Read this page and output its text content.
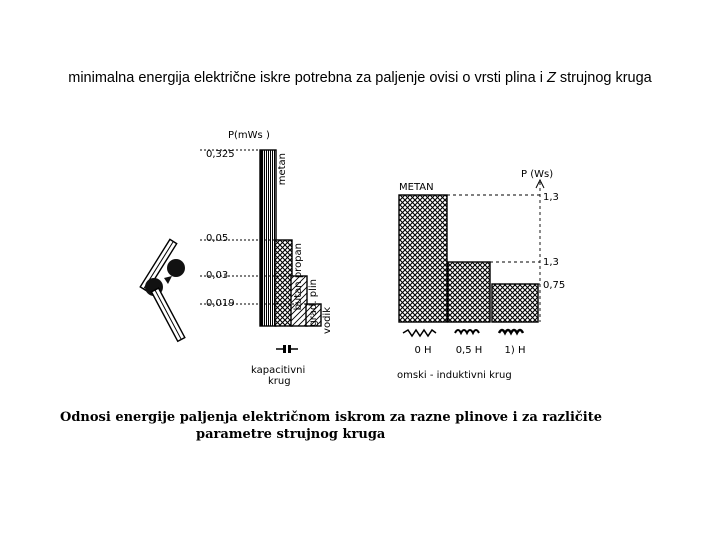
minimalna energija električne iskre potrebna za paljenje ovisi o vrsti plina i Z strujnog kruga
P(mWs )
0,325	metan
0,05
butan propan
0,03
grad. plin
0,019
vodik
kapacitivni
krug
P (Ws)
METAN
1,3
0 H
1,3
0,5 H
0,75
1) H
omski - induktivni krug
Odnosi energije paljenja električnom iskrom za razne plinove i za različite
parametre strujnog kruga
